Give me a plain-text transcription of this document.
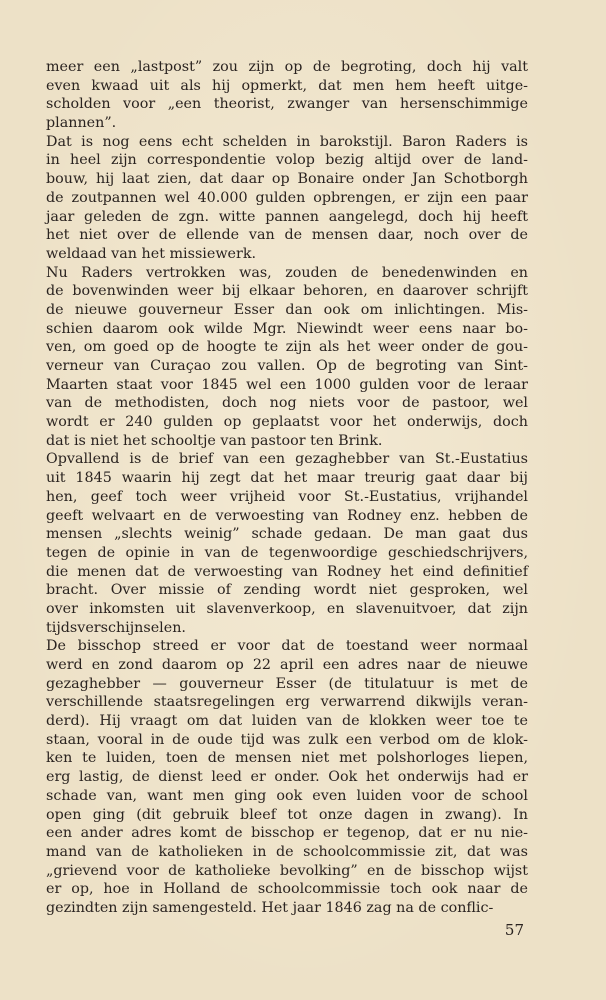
meer een „lastpost” zou zijn op de begroting, doch hij valt
even kwaad uit als hij opmerkt, dat men hem heeft uitge-
scholden voor „een theorist, zwanger van hersenschimmige
plannen”.
Dat is nog eens echt schelden in barokstijl. Baron Raders is
in heel zijn correspondentie volop bezig altijd over de land-
bouw, hij laat zien, dat daar op Bonaire onder Jan Schotborgh
de zoutpannen wel 40.000 gulden opbrengen, er zijn een paar
jaar geleden de zgn. witte pannen aangelegd, doch hij heeft
het niet over de ellende van de mensen daar, noch over de
weldaad van het missiewerk.
Nu Raders vertrokken was, zouden de benedenwinden en
de bovenwinden weer bij elkaar behoren, en daarover schrijft
de nieuwe gouverneur Esser dan ook om inlichtingen. Mis-
schien daarom ook wilde Mgr. Niewindt weer eens naar bo-
ven, om goed op de hoogte te zijn als het weer onder de gou-
verneur van Curaçao zou vallen. Op de begroting van Sint-
Maarten staat voor 1845 wel een 1000 gulden voor de leraar
van de methodisten, doch nog niets voor de pastoor, wel
wordt er 240 gulden op geplaatst voor het onderwijs, doch
dat is niet het schooltje van pastoor ten Brink.
Opvallend is de brief van een gezaghebber van St.-Eustatius
uit 1845 waarin hij zegt dat het maar treurig gaat daar bij
hen, geef toch weer vrijheid voor St.-Eustatius, vrijhandel
geeft welvaart en de verwoesting van Rodney enz. hebben de
mensen „slechts weinig” schade gedaan. De man gaat dus
tegen de opinie in van de tegenwoordige geschiedschrijvers,
die menen dat de verwoesting van Rodney het eind definitief
bracht. Over missie of zending wordt niet gesproken, wel
over inkomsten uit slavenverkoop, en slavenuitvoer, dat zijn
tijdsverschijnselen.
De bisschop streed er voor dat de toestand weer normaal
werd en zond daarom op 22 april een adres naar de nieuwe
gezaghebber — gouverneur Esser (de titulatuur is met de
verschillende staatsregelingen erg verwarrend dikwijls veran-
derd). Hij vraagt om dat luiden van de klokken weer toe te
staan, vooral in de oude tijd was zulk een verbod om de klok-
ken te luiden, toen de mensen niet met polshorloges liepen,
erg lastig, de dienst leed er onder. Ook het onderwijs had er
schade van, want men ging ook even luiden voor de school
open ging (dit gebruik bleef tot onze dagen in zwang). In
een ander adres komt de bisschop er tegenop, dat er nu nie-
mand van de katholieken in de schoolcommissie zit, dat was
„grievend voor de katholieke bevolking” en de bisschop wijst
er op, hoe in Holland de schoolcommissie toch ook naar de
gezindten zijn samengesteld. Het jaar 1846 zag na de conflic-
57
